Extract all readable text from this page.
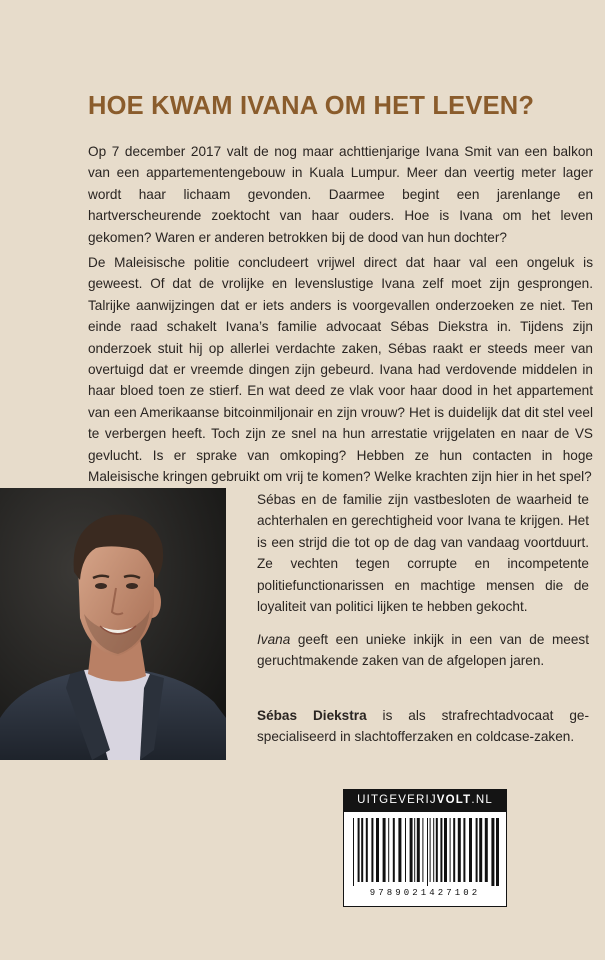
HOE KWAM IVANA OM HET LEVEN?

Op 7 december 2017 valt de nog maar achttienjarige Ivana Smit van een balkon van een appartementengebouw in Kuala Lumpur. Meer dan veertig meter lager wordt haar lichaam gevonden. Daarmee begint een jarenlange en hartverscheurende zoektocht van haar ouders. Hoe is Ivana om het leven gekomen? Waren er anderen betrokken bij de dood van hun dochter?

De Maleisische politie concludeert vrijwel direct dat haar val een ongeluk is geweest. Of dat de vrolijke en levenslustige Ivana zelf moet zijn gesprongen. Talrijke aanwijzingen dat er iets anders is voorgevallen onderzoeken ze niet. Ten einde raad schakelt Ivana’s familie advocaat Sébas Diekstra in. Tijdens zijn onderzoek stuit hij op allerlei verdachte zaken, Sébas raakt er steeds meer van overtuigd dat er vreemde dingen zijn gebeurd. Ivana had verdovende middelen in haar bloed toen ze stierf. En wat deed ze vlak voor haar dood in het appartement van een Amerikaanse bitcoinmiljonair en zijn vrouw? Het is duidelijk dat dit stel veel te verbergen heeft. Toch zijn ze snel na hun arrestatie vrijgelaten en naar de VS gevlucht. Is er sprake van omkoping? Hebben ze hun contacten in hoge Maleisische kringen gebruikt om vrij te komen? Welke krachten zijn hier in het spel?

Sébas en de familie zijn vastbesloten de waarheid te achterhalen en gerechtigheid voor Ivana te krijgen. Het is een strijd die tot op de dag van vandaag voortduurt. Ze vechten tegen corrupte en incompetente politiefunctionarissen en machtige mensen die de loyaliteit van politici lijken te hebben gekocht.

Ivana geeft een unieke inkijk in een van de meest geruchtmakende zaken van de afgelopen jaren.

Sébas Diekstra is als strafrechtadvocaat gespecialiseerd in slachtofferzaken en coldcase-zaken.

UITGEVERIJVOLT.NL
9789021427102
